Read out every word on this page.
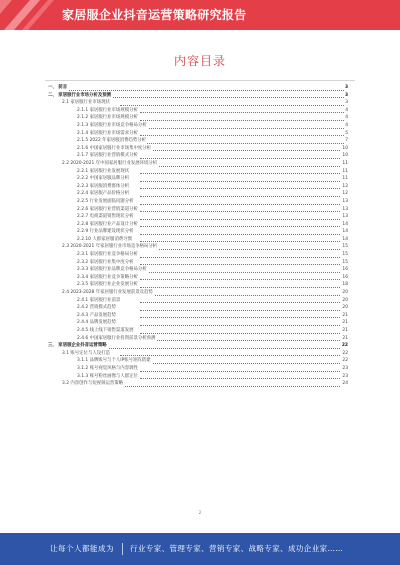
家居服企业抖音运营策略研究报告
内容目录
一、 前言	3
二、 家居服行业市场分析及预测	3
2.1 家居服行业市场现状	3
2.1.1 家居服行业市场规模分析	4
2.1.2 家居服行业市场规模分析	4
2.1.3 家居服行业市场竞争格局分析	4
2.1.4 家居服行业市场需求分析	5
2.1.5 2022 年家居服消费趋势分析	7
2.1.6 中国家居服行业市场集中度分析	10
2.1.7 家居服行业营销模式分析	10
2.2 2020-2021 年中国家居服行业发展环境分析	11
2.2.1 家居服行业发展现状	11
2.2.2 中国家居服品牌分析	11
2.2.3 家居服消费群体分析	12
2.2.4 家居服产品价格分析	12
2.2.5 行业发展面临问题分析	13
2.2.6 家居服行业营销渠道分析	13
2.2.7 电商渠道销售现状分析	13
2.2.8 家居服行业产品设计分析	14
2.2.9 行业品牌建设现状分析	14
2.2.10 人群家居服消费习惯	14
2.3 2020-2021 年家居服行业市场竞争格局分析	15
2.3.1 家居服行业竞争格局分析	15
2.3.2 家居服行业集中度分析	15
2.3.3 家居服行业品牌竞争格局分析	16
2.3.4 家居服行业竞争策略分析	16
2.3.5 家居服行业企业发展分析	18
2.4 2023-2028 年家居服行业发展前景及趋势	20
2.4.1 家居服行业前景	20
2.4.2 营销模式趋势	20
2.4.3 产品发展趋势	21
2.4.4 品牌发展趋势	21
2.4.5 线上线下销售渠道发展	21
2.4.6 中国家居服行业投资前景分析预测	21
三、 家居服企业抖音运营策略	22
3.1 账号定位与人设打造	22
3.1.1 品牌账号与个人IP账号矩阵搭建	22
3.1.2 账号视觉风格与内容调性	23
3.1.3 账号粉丝画像与人群定位	23
3.2 内容创作与短视频运营策略	24
2
让每个人都能成为 行业专家、管理专家、营销专家、战略专家、成功企业家……
